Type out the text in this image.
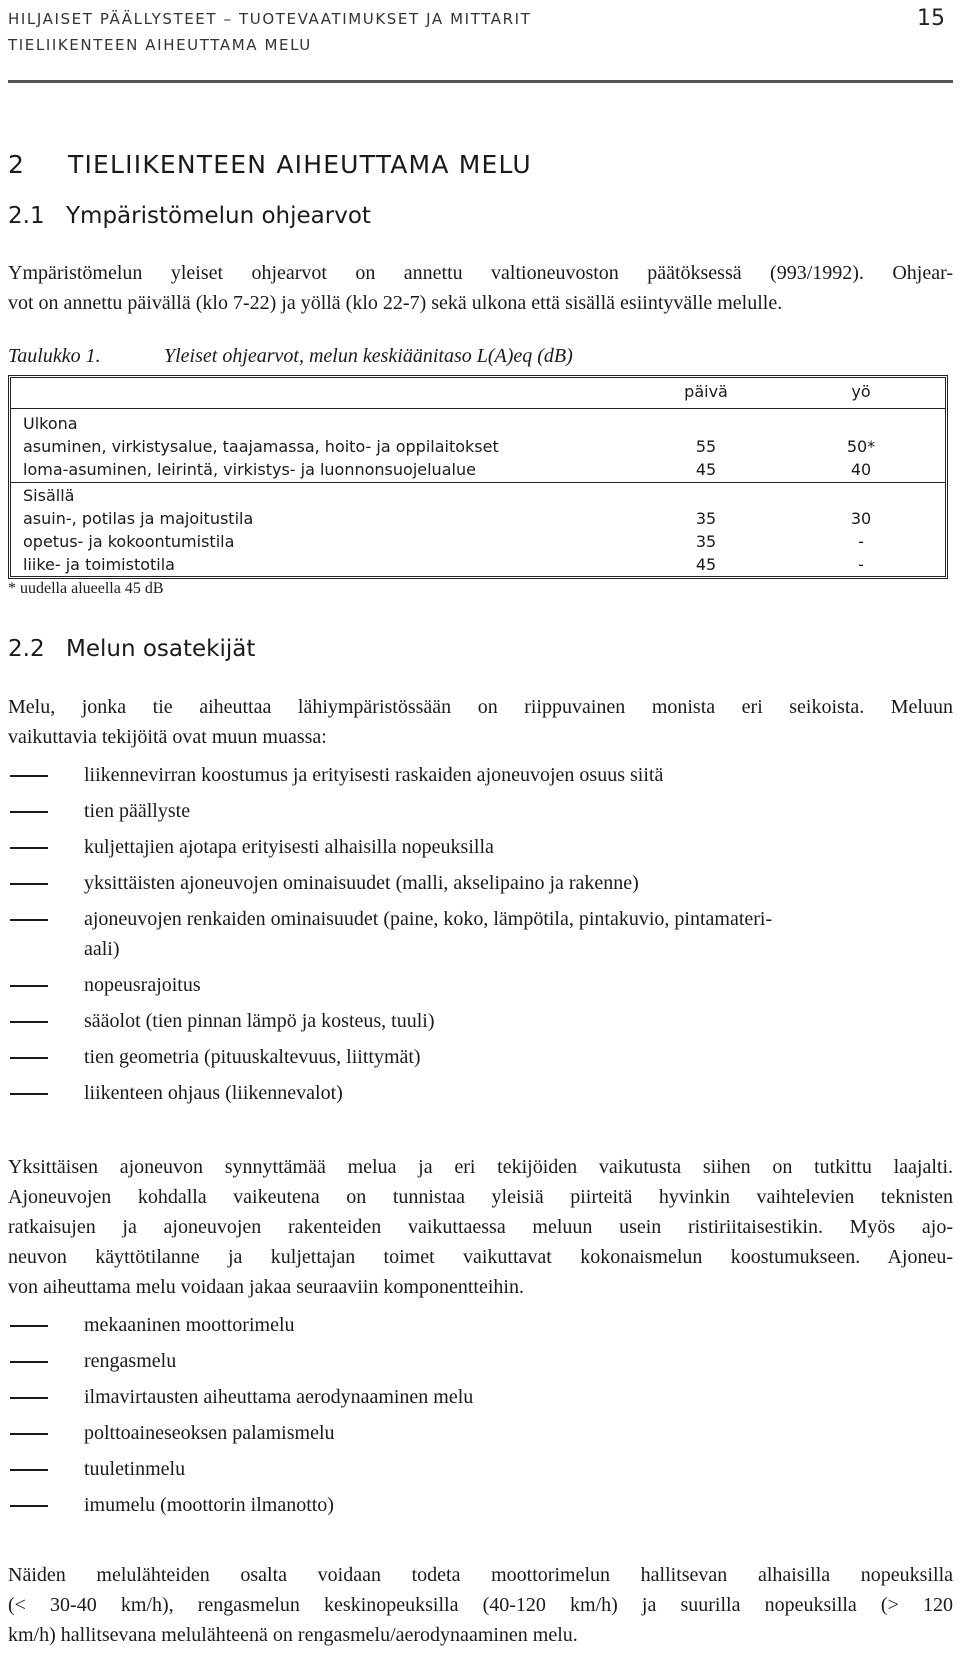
HILJAISET PÄÄLLYSTEET – TUOTEVAATIMUKSET JA MITTARIT
TIELIIKENTEEN AIHEUTTAMA MELU
15
2 TIELIIKENTEEN AIHEUTTAMA MELU
2.1 Ympäristömelun ohjearvot
Ympäristömelun yleiset ohjearvot on annettu valtioneuvoston päätöksessä (993/1992). Ohjear-
vot on annettu päivällä (klo 7-22) ja yöllä (klo 22-7) sekä ulkona että sisällä esiintyvälle melulle.
Taulukko 1.	Yleiset ohjearvot, melun keskiäänitaso L(A)eq (dB)
päivä	yö
Ulkona
asuminen, virkistysalue, taajamassa, hoito- ja oppilaitokset	55	50*
loma-asuminen, leirintä, virkistys- ja luonnonsuojelualue	45	40
Sisällä
asuin-, potilas ja majoitustila	35	30
opetus- ja kokoontumistila	35	-
liike- ja toimistotila	45	-
* uudella alueella 45 dB
2.2 Melun osatekijät
Melu, jonka tie aiheuttaa lähiympäristössään on riippuvainen monista eri seikoista. Meluun
vaikuttavia tekijöitä ovat muun muassa:
liikennevirran koostumus ja erityisesti raskaiden ajoneuvojen osuus siitä
tien päällyste
kuljettajien ajotapa erityisesti alhaisilla nopeuksilla
yksittäisten ajoneuvojen ominaisuudet (malli, akselipaino ja rakenne)
ajoneuvojen renkaiden ominaisuudet (paine, koko, lämpötila, pintakuvio, pintamateri-
aali)
nopeusrajoitus
sääolot (tien pinnan lämpö ja kosteus, tuuli)
tien geometria (pituuskaltevuus, liittymät)
liikenteen ohjaus (liikennevalot)
Yksittäisen ajoneuvon synnyttämää melua ja eri tekijöiden vaikutusta siihen on tutkittu laajalti.
Ajoneuvojen kohdalla vaikeutena on tunnistaa yleisiä piirteitä hyvinkin vaihtelevien teknisten
ratkaisujen ja ajoneuvojen rakenteiden vaikuttaessa meluun usein ristiriitaisestikin. Myös ajo-
neuvon käyttötilanne ja kuljettajan toimet vaikuttavat kokonaismelun koostumukseen. Ajoneu-
von aiheuttama melu voidaan jakaa seuraaviin komponentteihin.
mekaaninen moottorimelu
rengasmelu
ilmavirtausten aiheuttama aerodynaaminen melu
polttoaineseoksen palamismelu
tuuletinmelu
imumelu (moottorin ilmanotto)
Näiden melulähteiden osalta voidaan todeta moottorimelun hallitsevan alhaisilla nopeuksilla
(< 30-40 km/h), rengasmelun keskinopeuksilla (40-120 km/h) ja suurilla nopeuksilla (> 120
km/h) hallitsevana melulähteenä on rengasmelu/aerodynaaminen melu.
